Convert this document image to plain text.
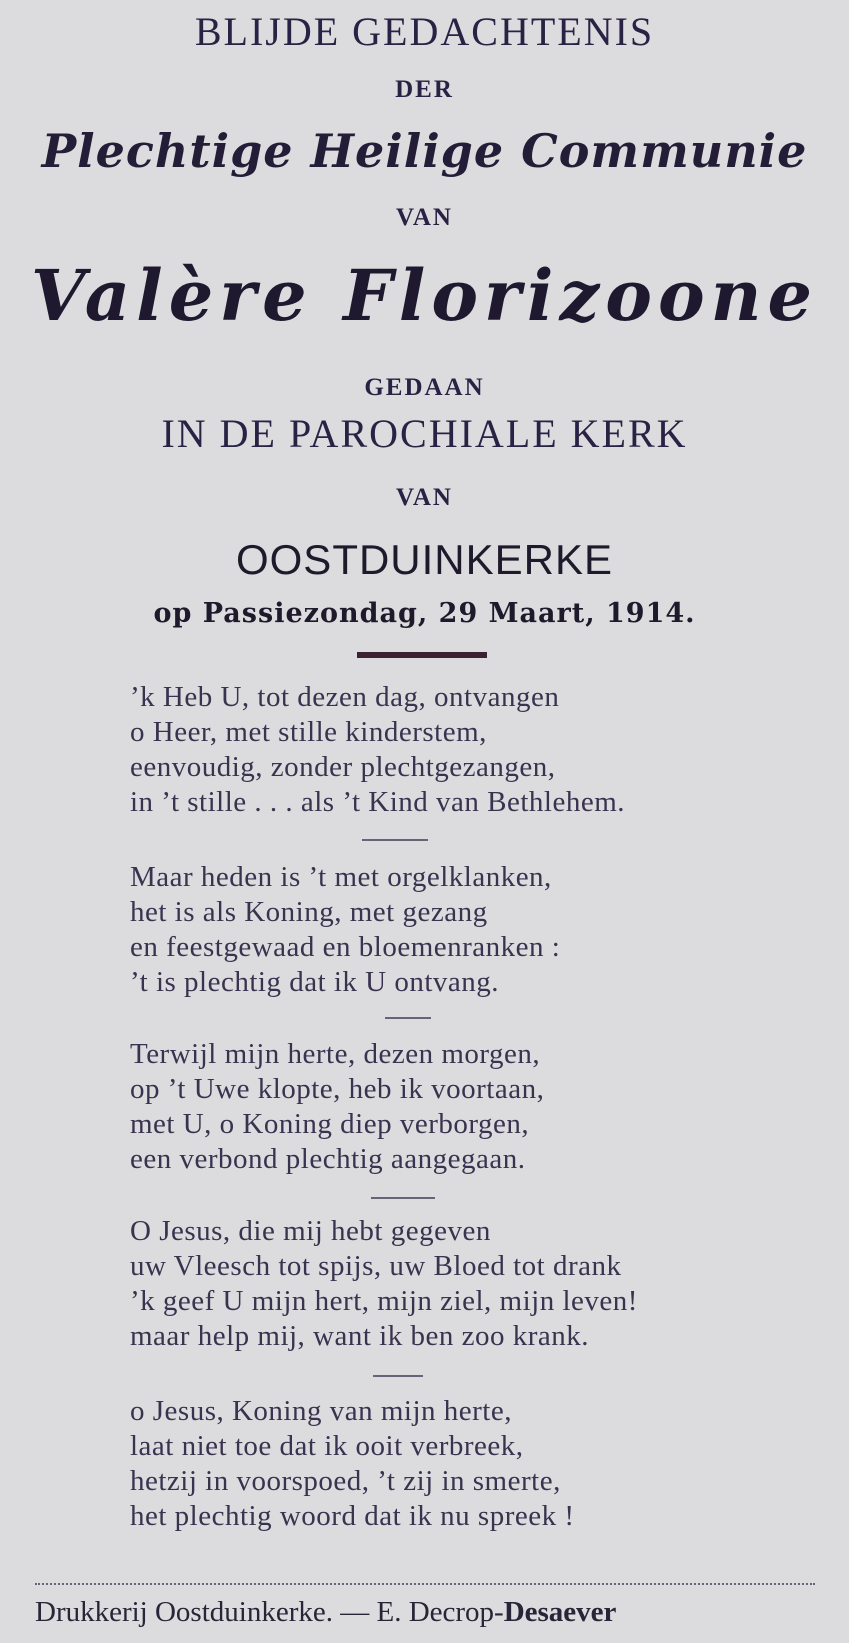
BLIJDE GEDACHTENIS
DER
Plechtige Heilige Communie
VAN
Valère Florizoone
GEDAAN
IN DE PAROCHIALE KERK
VAN
OOSTDUINKERKE
op Passiezondag, 29 Maart, 1914.
’k Heb U, tot dezen dag, ontvangen
o Heer, met stille kinderstem,
eenvoudig, zonder plechtgezangen,
in ’t stille . . . als ’t Kind van Bethlehem.
Maar heden is ’t met orgelklanken,
het is als Koning, met gezang
en feestgewaad en bloemenranken :
’t is plechtig dat ik U ontvang.
Terwijl mijn herte, dezen morgen,
op ’t Uwe klopte, heb ik voortaan,
met U, o Koning diep verborgen,
een verbond plechtig aangegaan.
O Jesus, die mij hebt gegeven
uw Vleesch tot spijs, uw Bloed tot drank
’k geef U mijn hert, mijn ziel, mijn leven!
maar help mij, want ik ben zoo krank.
o Jesus, Koning van mijn herte,
laat niet toe dat ik ooit verbreek,
hetzij in voorspoed, ’t zij in smerte,
het plechtig woord dat ik nu spreek !
Drukkerij Oostduinkerke. — E. Decrop-Desaever
